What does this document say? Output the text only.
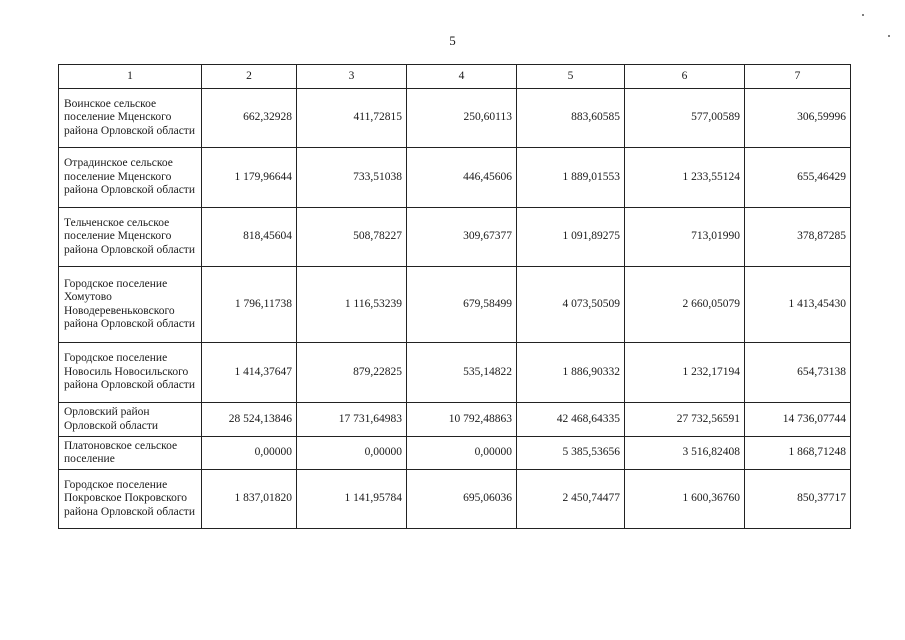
5
1	2	3	4	5	6	7
Воинское сельское поселение Мценского района Орловской области	662,32928	411,72815	250,60113	883,60585	577,00589	306,59996
Отрадинское сельское поселение Мценского района Орловской области	1 179,96644	733,51038	446,45606	1 889,01553	1 233,55124	655,46429
Тельченское сельское поселение Мценского района Орловской области	818,45604	508,78227	309,67377	1 091,89275	713,01990	378,87285
Городское поселение Хомутово Новодеревеньковского района Орловской области	1 796,11738	1 116,53239	679,58499	4 073,50509	2 660,05079	1 413,45430
Городское поселение Новосиль Новосильского района Орловской области	1 414,37647	879,22825	535,14822	1 886,90332	1 232,17194	654,73138
Орловский район Орловской области	28 524,13846	17 731,64983	10 792,48863	42 468,64335	27 732,56591	14 736,07744
Платоновское сельское поселение	0,00000	0,00000	0,00000	5 385,53656	3 516,82408	1 868,71248
Городское поселение Покровское Покровского района Орловской области	1 837,01820	1 141,95784	695,06036	2 450,74477	1 600,36760	850,37717
